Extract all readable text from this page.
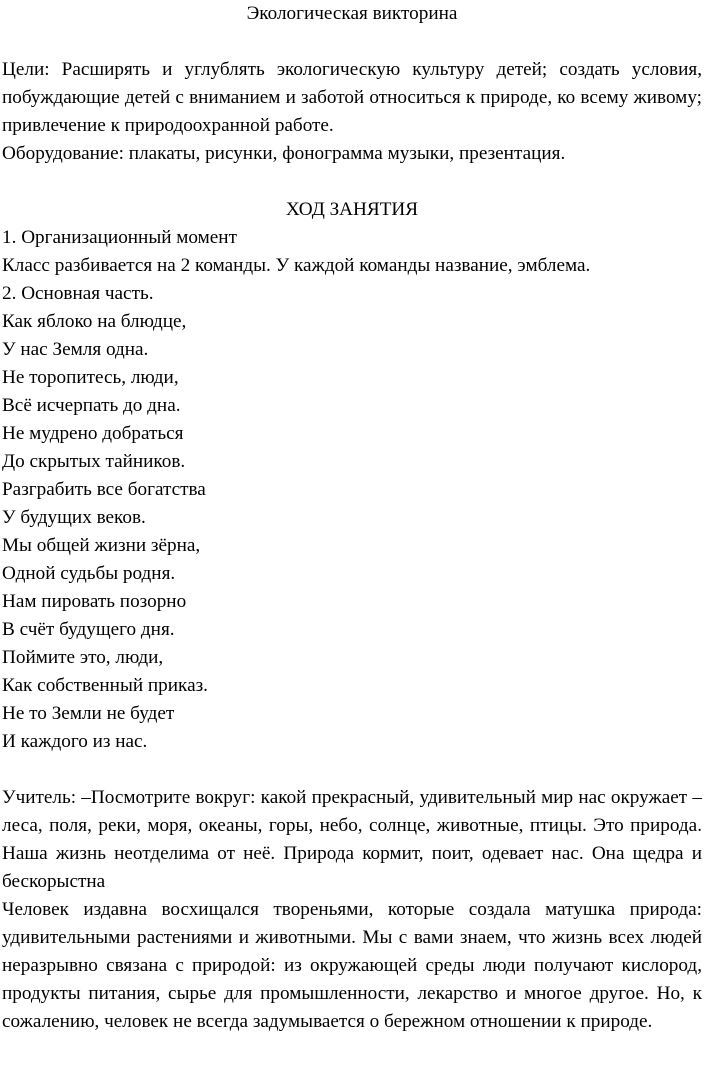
Экологическая викторина

Цели: Расширять и углублять экологическую культуру детей; создать условия, побуждающие детей с вниманием и заботой относиться к природе, ко всему живому; привлечение к природоохранной работе.

Оборудование: плакаты, рисунки, фонограмма музыки, презентация.

ХОД ЗАНЯТИЯ

1. Организационный момент

Класс разбивается на 2 команды. У каждой команды название, эмблема.

2. Основная часть.

Как яблоко на блюдце,
У нас Земля одна.
Не торопитесь, люди,
Всё исчерпать до дна.
Не мудрено добраться
До скрытых тайников.
Разграбить все богатства
У будущих веков.
Мы общей жизни зёрна,
Одной судьбы родня.
Нам пировать позорно
В счёт будущего дня.
Поймите это, люди,
Как собственный приказ.
Не то Земли не будет
И каждого из нас.

Учитель: –Посмотрите вокруг: какой прекрасный, удивительный мир нас окружает – леса, поля, реки, моря, океаны, горы, небо, солнце, животные, птицы. Это природа. Наша жизнь неотделима от неё. Природа кормит, поит, одевает нас. Она щедра и бескорыстна

Человек издавна восхищался твореньями, которые создала матушка природа: удивительными растениями и животными. Мы с вами знаем, что жизнь всех людей неразрывно связана с природой: из окружающей среды люди получают кислород, продукты питания, сырье для промышленности, лекарство и многое другое. Но, к сожалению, человек не всегда задумывается о бережном отношении к природе.
